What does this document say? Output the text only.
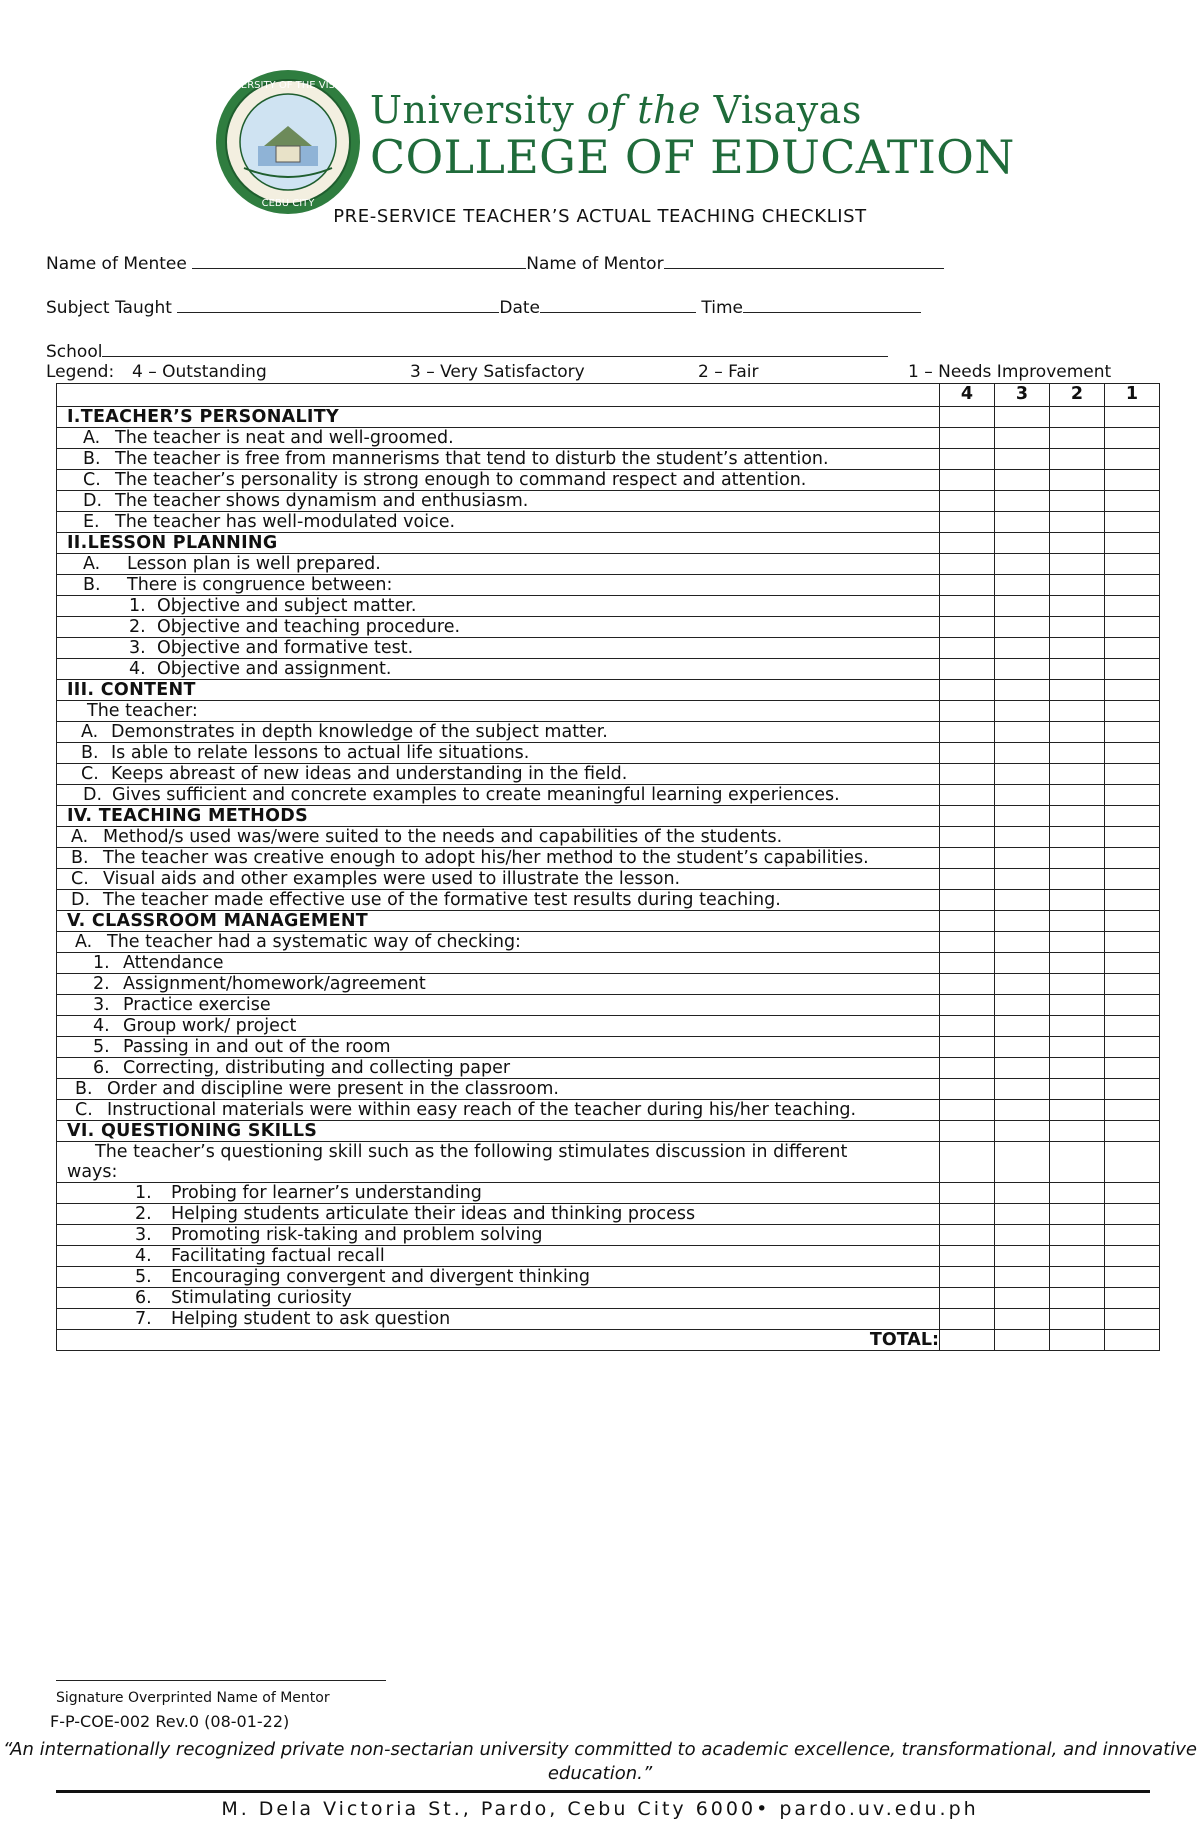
UNIVERSITY OF THE VISAYAS
CEBU CITY
University of the Visayas
COLLEGE OF EDUCATION
PRE-SERVICE TEACHER’S ACTUAL TEACHING CHECKLIST
Name of Mentee	Name of Mentor
Subject Taught	Date	Time
School
Legend: 4 – Outstanding	3 – Very Satisfactory	2 – Fair	1 – Needs Improvement
	4	3	2	1
I.TEACHER’S PERSONALITY				

A. The teacher is neat and well-groomed.				

B. The teacher is free from mannerisms that tend to disturb the student’s attention.				

C. The teacher’s personality is strong enough to command respect and attention.				

D. The teacher shows dynamism and enthusiasm.				

E. The teacher has well-modulated voice.				

II.LESSON PLANNING				

A. Lesson plan is well prepared.				

B. There is congruence between:				

1. Objective and subject matter.				

2. Objective and teaching procedure.				

3. Objective and formative test.				

4. Objective and assignment.				

III. CONTENT				
The teacher:				

A. Demonstrates in depth knowledge of the subject matter.				

B. Is able to relate lessons to actual life situations.				

C. Keeps abreast of new ideas and understanding in the field.				

D. Gives sufficient and concrete examples to create meaningful learning experiences.				
IV. TEACHING METHODS				

A. Method/s used was/were suited to the needs and capabilities of the students.				

B. The teacher was creative enough to adopt his/her method to the student’s capabilities.				

C. Visual aids and other examples were used to illustrate the lesson.				

D. The teacher made effective use of the formative test results during teaching.				

V. CLASSROOM MANAGEMENT				

A. The teacher had a systematic way of checking:				

1. Attendance				

2. Assignment/homework/agreement				

3. Practice exercise				

4. Group work/ project				

5. Passing in and out of the room				

6. Correcting, distributing and collecting paper				

B. Order and discipline were present in the classroom.				

C. Instructional materials were within easy reach of the teacher during his/her teaching.				

VI. QUESTIONING SKILLS				
The teacher’s questioning skill such as the following stimulates discussion in different ways:				

1. Probing for learner’s understanding				

2. Helping students articulate their ideas and thinking process				

3. Promoting risk-taking and problem solving				

4. Facilitating factual recall				

5. Encouraging convergent and divergent thinking				

6. Stimulating curiosity				

7. Helping student to ask question				

TOTAL:				
Signature Overprinted Name of Mentor
F-P-COE-002 Rev.0 (08-01-22)
“An internationally recognized private non-sectarian university committed to academic excellence, transformational, and innovative education.”
M. Dela Victoria St., Pardo, Cebu City 6000• pardo.uv.edu.ph
